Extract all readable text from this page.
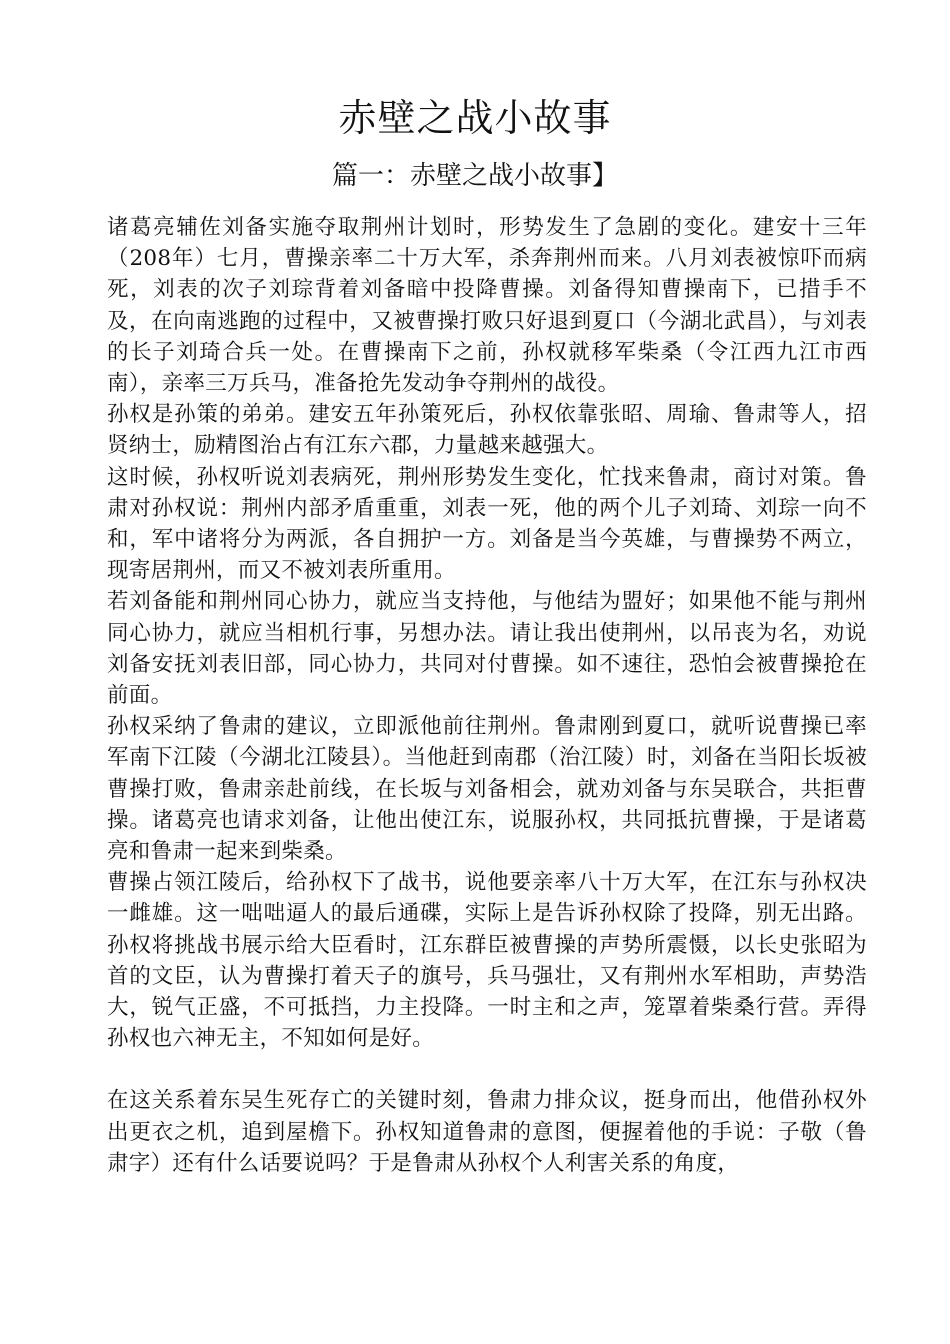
赤壁之战小故事
篇一：赤壁之战小故事】

诸葛亮辅佐刘备实施夺取荆州计划时，形势发生了急剧的变化。建安十三年（208年）七月，曹操亲率二十万大军，杀奔荆州而来。八月刘表被惊吓而病死，刘表的次子刘琮背着刘备暗中投降曹操。刘备得知曹操南下，已措手不及，在向南逃跑的过程中，又被曹操打败只好退到夏口（今湖北武昌），与刘表的长子刘琦合兵一处。在曹操南下之前，孙权就移军柴桑（令江西九江市西南），亲率三万兵马，准备抢先发动争夺荆州的战役。

孙权是孙策的弟弟。建安五年孙策死后，孙权依靠张昭、周瑜、鲁肃等人，招贤纳士，励精图治占有江东六郡，力量越来越强大。

这时候，孙权听说刘表病死，荆州形势发生变化，忙找来鲁肃，商讨对策。鲁肃对孙权说：荆州内部矛盾重重，刘表一死，他的两个儿子刘琦、刘琮一向不和，军中诸将分为两派，各自拥护一方。刘备是当今英雄，与曹操势不两立，现寄居荆州，而又不被刘表所重用。

若刘备能和荆州同心协力，就应当支持他，与他结为盟好；如果他不能与荆州同心协力，就应当相机行事，另想办法。请让我出使荆州，以吊丧为名，劝说刘备安抚刘表旧部，同心协力，共同对付曹操。如不速往，恐怕会被曹操抢在前面。

孙权采纳了鲁肃的建议，立即派他前往荆州。鲁肃刚到夏口，就听说曹操已率军南下江陵（今湖北江陵县）。当他赶到南郡（治江陵）时，刘备在当阳长坂被曹操打败，鲁肃亲赴前线，在长坂与刘备相会，就劝刘备与东吴联合，共拒曹操。诸葛亮也请求刘备，让他出使江东，说服孙权，共同抵抗曹操，于是诸葛亮和鲁肃一起来到柴桑。

曹操占领江陵后，给孙权下了战书，说他要亲率八十万大军，在江东与孙权决一雌雄。这一咄咄逼人的最后通碟，实际上是告诉孙权除了投降，别无出路。孙权将挑战书展示给大臣看时，江东群臣被曹操的声势所震慑，以长史张昭为首的文臣，认为曹操打着天子的旗号，兵马强壮，又有荆州水军相助，声势浩大，锐气正盛，不可抵挡，力主投降。一时主和之声，笼罩着柴桑行营。弄得孙权也六神无主，不知如何是好。

在这关系着东吴生死存亡的关键时刻，鲁肃力排众议，挺身而出，他借孙权外出更衣之机，追到屋檐下。孙权知道鲁肃的意图，便握着他的手说：子敬（鲁肃字）还有什么话要说吗？于是鲁肃从孙权个人利害关系的角度，
